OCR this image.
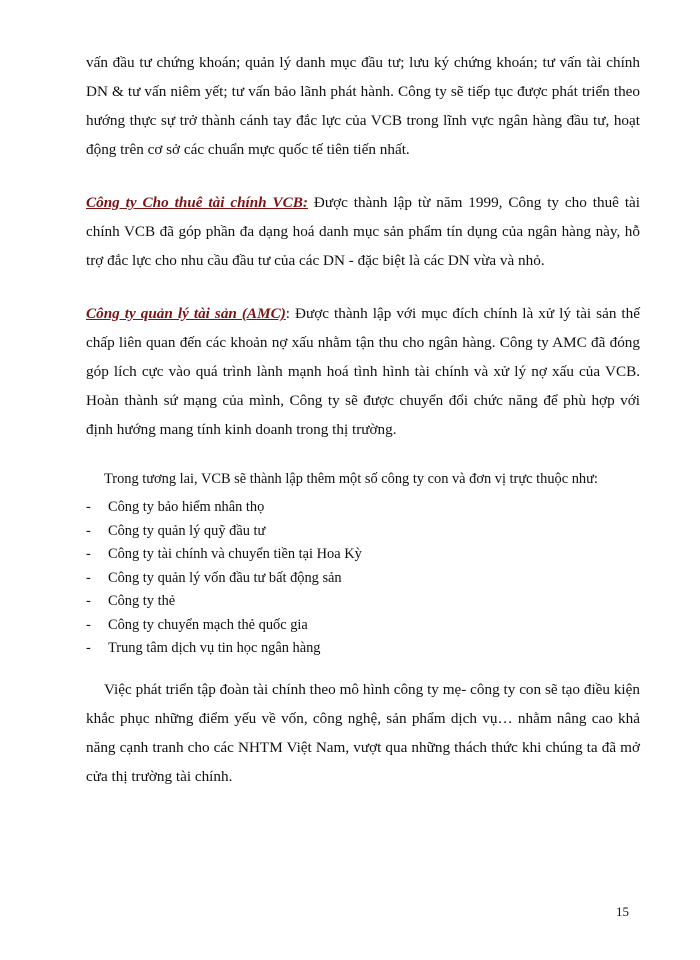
vấn đầu tư chứng khoán; quản lý danh mục đầu tư; lưu ký chứng khoán; tư vấn tài chính DN & tư vấn niêm yết; tư vấn bảo lãnh phát hành. Công ty sẽ tiếp tục được phát triển theo hướng thực sự trở thành cánh tay đắc lực của VCB trong lĩnh vực ngân hàng đầu tư, hoạt động trên cơ sở các chuẩn mực quốc tế tiên tiến nhất.

Công ty Cho thuê tài chính VCB: Được thành lập từ năm 1999, Công ty cho thuê tài chính VCB đã góp phần đa dạng hoá danh mục sản phẩm tín dụng của ngân hàng này, hỗ trợ đắc lực cho nhu cầu đầu tư của các DN - đặc biệt là các DN vừa và nhỏ.

Công ty quản lý tài sản (AMC): Được thành lập với mục đích chính là xử lý tài sản thế chấp liên quan đến các khoản nợ xấu nhằm tận thu cho ngân hàng. Công ty AMC đã đóng góp lích cực vào quá trình lành mạnh hoá tình hình tài chính và xử lý nợ xấu của VCB. Hoàn thành sứ mạng của mình, Công ty sẽ được chuyển đổi chức năng để phù hợp với định hướng mang tính kinh doanh trong thị trường.

Trong tương lai, VCB sẽ thành lập thêm một số công ty con và đơn vị trực thuộc như:

-	Công ty bảo hiểm nhân thọ
-	Công ty quản lý quỹ đầu tư
-	Công ty tài chính và chuyển tiền tại Hoa Kỳ
-	Công ty quản lý vốn đầu tư bất động sản
-	Công ty thẻ
-	Công ty chuyển mạch thẻ quốc gia
-	Trung tâm dịch vụ tin học ngân hàng

Việc phát triển tập đoàn tài chính theo mô hình công ty mẹ- công ty con sẽ tạo điều kiện khắc phục những điểm yếu về vốn, công nghệ, sản phẩm dịch vụ… nhằm nâng cao khả năng cạnh tranh cho các NHTM Việt Nam, vượt qua những thách thức khi chúng ta đã mở cửa thị trường tài chính.

15
